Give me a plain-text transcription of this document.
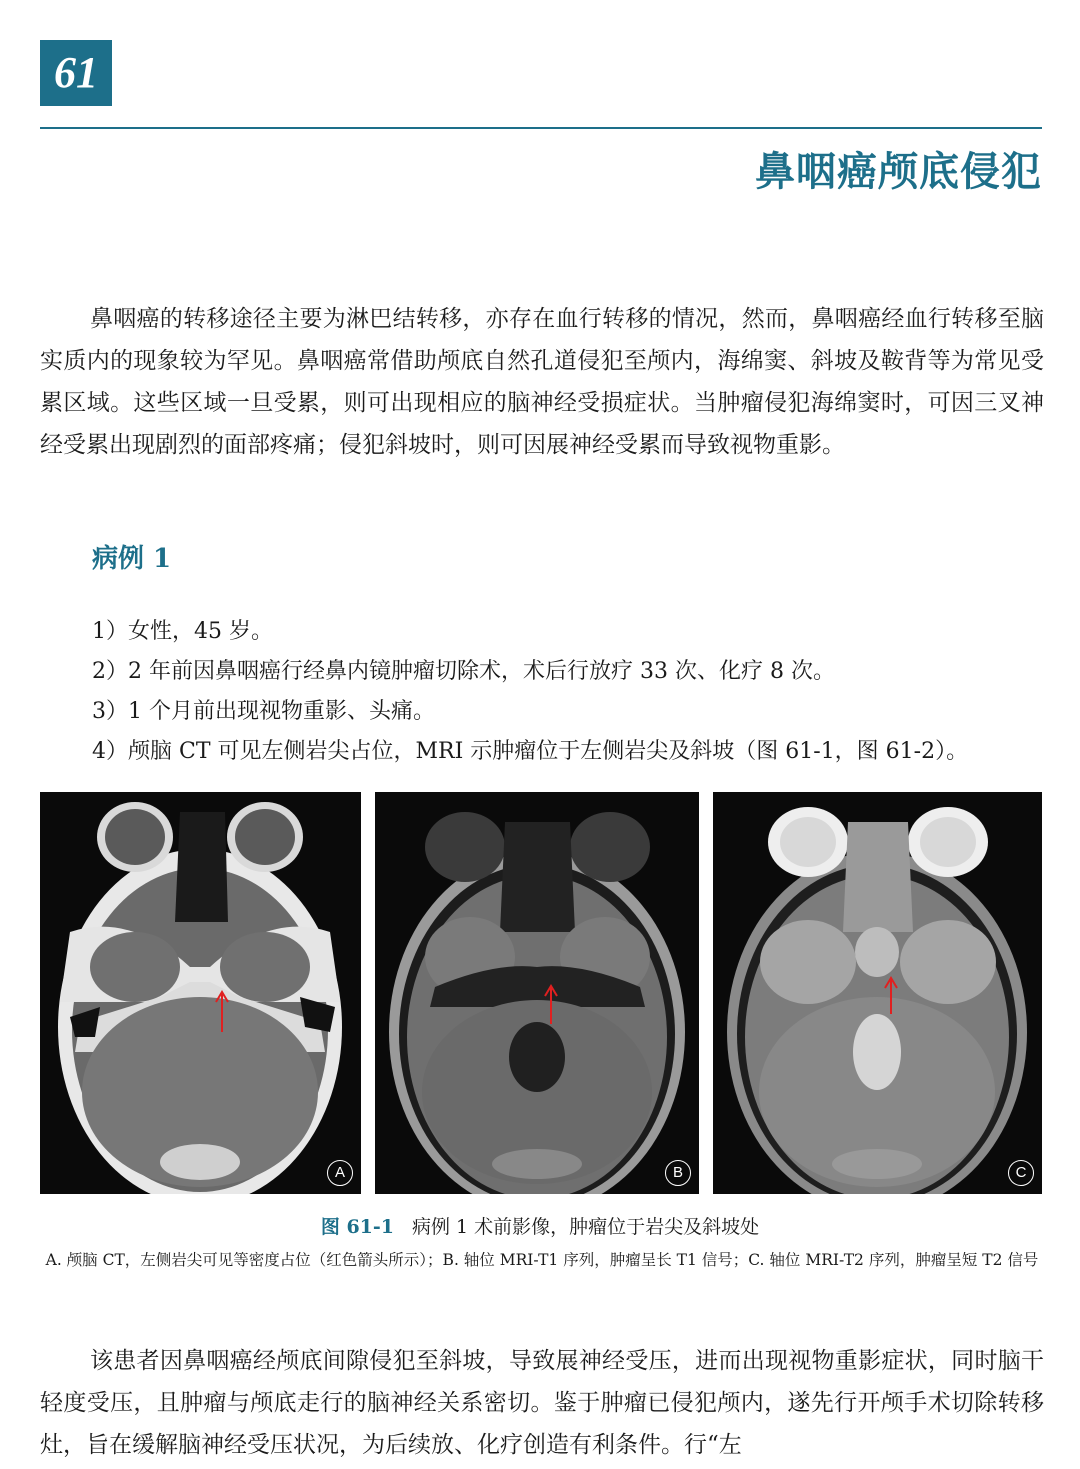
61
鼻咽癌颅底侵犯

鼻咽癌的转移途径主要为淋巴结转移，亦存在血行转移的情况，然而，鼻咽癌经血行转移至脑实质内的现象较为罕见。鼻咽癌常借助颅底自然孔道侵犯至颅内，海绵窦、斜坡及鞍背等为常见受累区域。这些区域一旦受累，则可出现相应的脑神经受损症状。当肿瘤侵犯海绵窦时，可因三叉神经受累出现剧烈的面部疼痛；侵犯斜坡时，则可因展神经受累而导致视物重影。

病例 1
1）女性，45 岁。
2）2 年前因鼻咽癌行经鼻内镜肿瘤切除术，术后行放疗 33 次、化疗 8 次。
3）1 个月前出现视物重影、头痛。
4）颅脑 CT 可见左侧岩尖占位，MRI 示肿瘤位于左侧岩尖及斜坡（图 61-1，图 61-2）。
A	B	C
图 61-1 病例 1 术前影像，肿瘤位于岩尖及斜坡处
A. 颅脑 CT，左侧岩尖可见等密度占位（红色箭头所示）；B. 轴位 MRI-T1 序列，肿瘤呈长 T1 信号；C. 轴位 MRI-T2 序列，肿瘤呈短 T2 信号

该患者因鼻咽癌经颅底间隙侵犯至斜坡，导致展神经受压，进而出现视物重影症状，同时脑干轻度受压，且肿瘤与颅底走行的脑神经关系密切。鉴于肿瘤已侵犯颅内，遂先行开颅手术切除转移灶，旨在缓解脑神经受压状况，为后续放、化疗创造有利条件。行“左
